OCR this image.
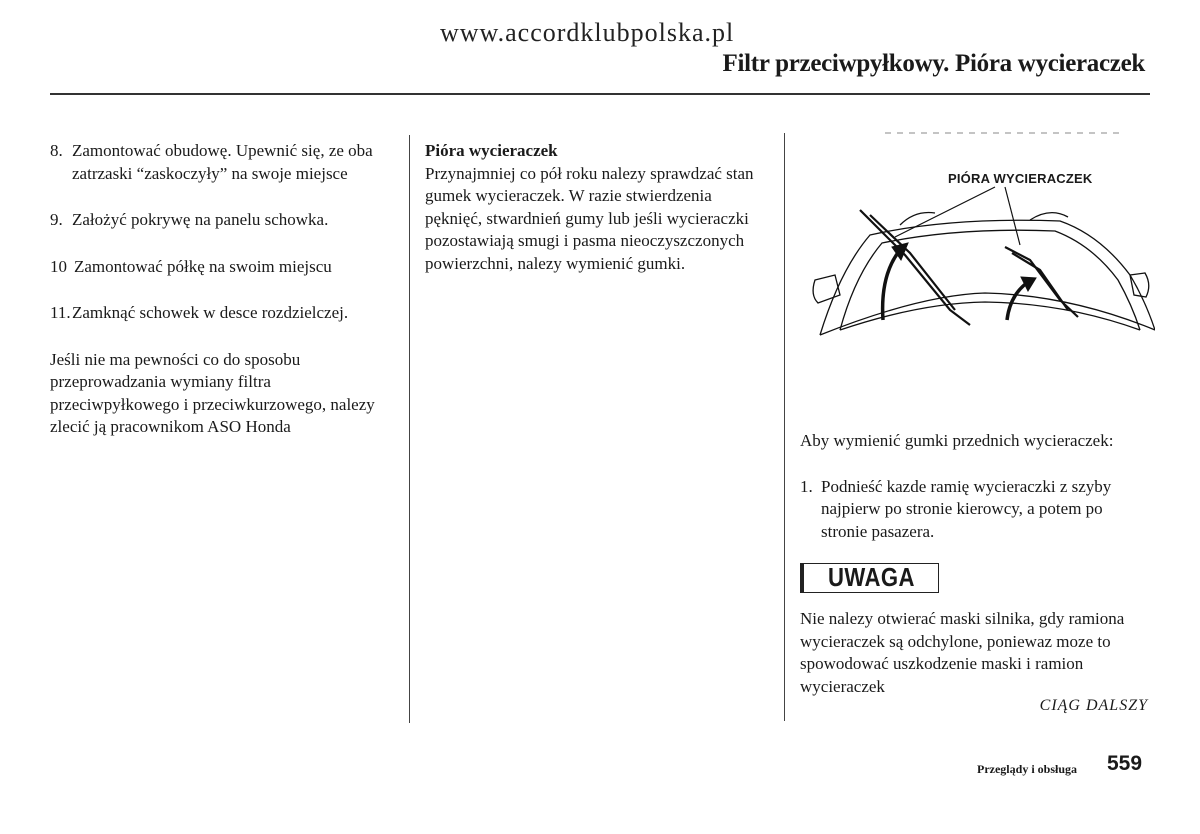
www.accordklubpolska.pl
Filtr przeciwpyłkowy. Pióra wycieraczek
8. Zamontować obudowę. Upewnić się, ze oba zatrzaski “zaskoczyły” na swoje miejsce
9. Założyć pokrywę na panelu schowka.
10 Zamontować półkę na swoim miejscu
11. Zamknąć schowek w desce rozdzielczej.

Jeśli nie ma pewności co do sposobu przeprowadzania wymiany filtra przeciwpyłkowego i przeciwkurzowego, nalezy zlecić ją pracownikom ASO Honda

Pióra wycieraczek

Przynajmniej co pół roku nalezy sprawdzać stan gumek wycieraczek. W razie stwierdzenia pęknięć, stwardnień gumy lub jeśli wycieraczki pozostawiają smugi i pasma nieoczyszczonych powierzchni, nalezy wymienić gumki.

PIÓRA WYCIERACZEK

Aby wymienić gumki przednich wycieraczek:

1. Podnieść kazde ramię wycieraczki z szyby najpierw po stronie kierowcy, a potem po stronie pasazera.
UWAGA

Nie nalezy otwierać maski silnika, gdy ramiona wycieraczek są odchylone, poniewaz moze to spowodować uszkodzenie maski i ramion wycieraczek

CIĄG DALSZY
Przeglądy i obsługa 559
